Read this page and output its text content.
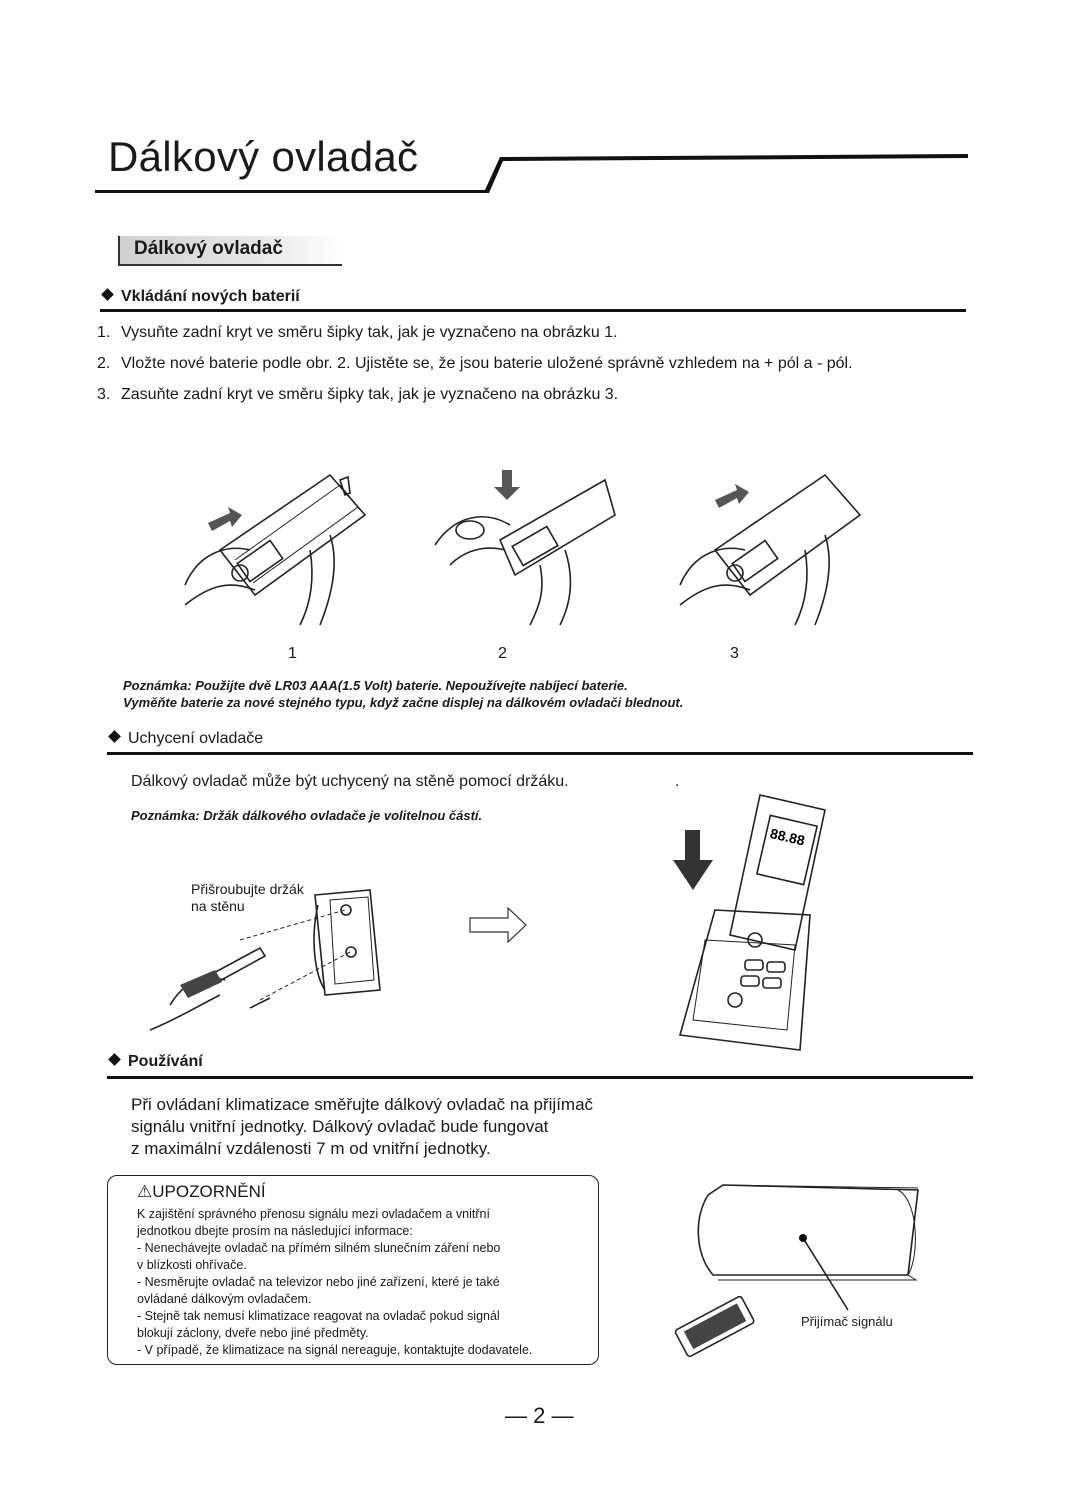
Dálkový ovladač
Dálkový ovladač
Vkládání nových baterií
1. Vysuňte zadní kryt ve směru šipky tak, jak je vyznačeno na obrázku 1.
2. Vložte nové baterie podle obr. 2. Ujistěte se, že jsou baterie uložené správně vzhledem na + pól a - pól.
3. Zasuňte zadní kryt ve směru šipky tak, jak je vyznačeno na obrázku 3.
1	2	3
Poznámka: Použijte dvě LR03 AAA(1.5 Volt) baterie. Nepoužívejte nabíjecí baterie.
Vyměňte baterie za nové stejného typu, když začne displej na dálkovém ovladači blednout.
Uchycení ovladače
Dálkový ovladač může být uchycený na stěně pomocí držáku.	.
Poznámka: Držák dálkového ovladače je volitelnou částí.
Přišroubujte držák
na stěnu
88.88
Používání
Při ovládaní klimatizace směřujte dálkový ovladač na přijímač
signálu vnitřní jednotky. Dálkový ovladač bude fungovat
z maximální vzdálenosti 7 m od vnitřní jednotky.
⚠UPOZORNĚNÍ
K zajištění správného přenosu signálu mezi ovladačem a vnitřní
jednotkou dbejte prosím na následující informace:
- Nenechávejte ovladač na přímém silném slunečním záření nebo
v blízkosti ohřívače.
- Nesměrujte ovladač na televizor nebo jiné zařízení, které je také
ovládané dálkovým ovladačem.
- Stejně tak nemusí klimatizace reagovat na ovladač pokud signál
blokují záclony, dveře nebo jiné předměty.
- V případě, že klimatizace na signál nereaguje, kontaktujte dodavatele.
Přijímač signálu
— 2 —
